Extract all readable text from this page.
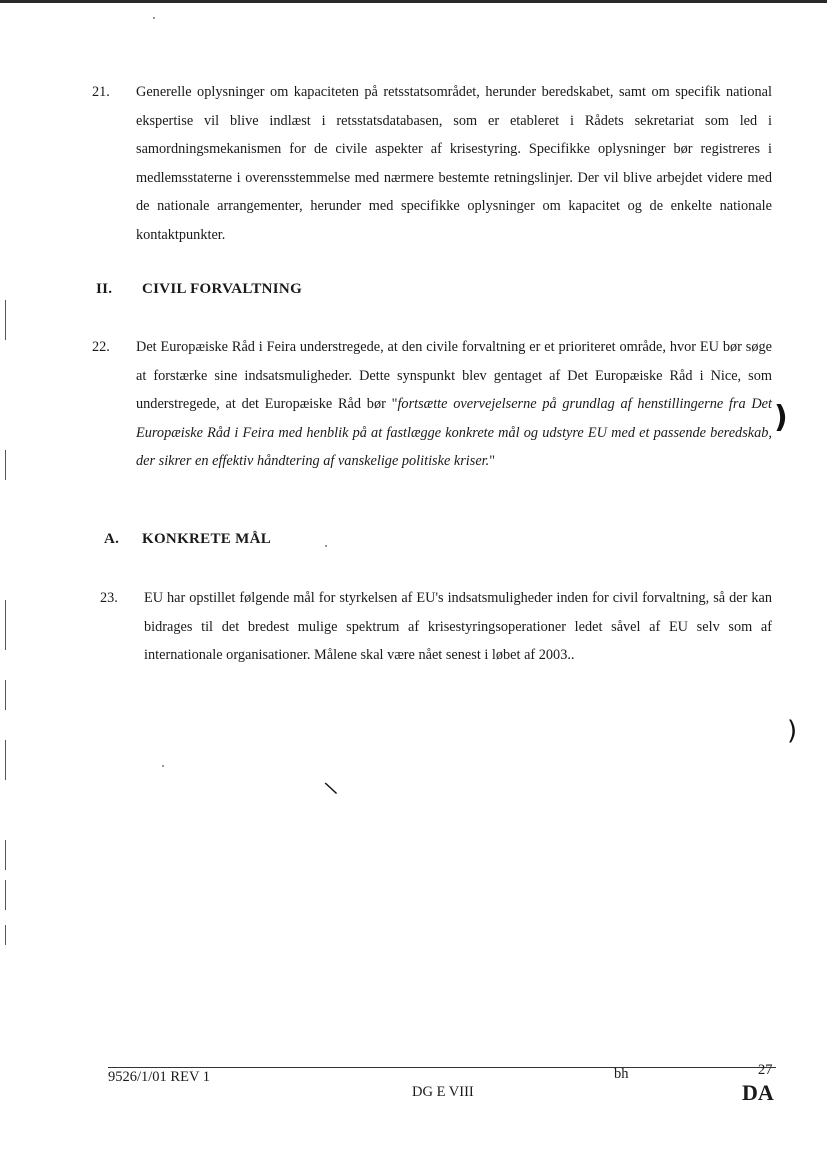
\
)
)
21.	Generelle oplysninger om kapaciteten på retsstatsområdet, herunder beredskabet, samt om specifik national ekspertise vil blive indlæst i retsstatsdatabasen, som er etableret i Rådets sekretariat som led i samordningsmekanismen for de civile aspekter af krisestyring. Specifikke oplysninger bør registreres i medlemsstaterne i overensstemmelse med nærmere bestemte retningslinjer. Der vil blive arbejdet videre med de nationale arrangementer, herunder med specifikke oplysninger om kapacitet og de enkelte nationale kontaktpunkter.
II. CIVIL FORVALTNING
22.	Det Europæiske Råd i Feira understregede, at den civile forvaltning er et prioriteret område, hvor EU bør søge at forstærke sine indsatsmuligheder. Dette synspunkt blev gentaget af Det Europæiske Råd i Nice, som understregede, at det Europæiske Råd bør "fortsætte overvejelserne på grundlag af henstillingerne fra Det Europæiske Råd i Feira med henblik på at fastlægge konkrete mål og udstyre EU med et passende beredskab, der sikrer en effektiv håndtering af vanskelige politiske kriser."
A. KONKRETE MÅL
23.	EU har opstillet følgende mål for styrkelsen af EU's indsatsmuligheder inden for civil forvaltning, så der kan bidrages til det bredest mulige spektrum af krisestyringsoperationer ledet såvel af EU selv som af internationale organisationer. Målene skal være nået senest i løbet af 2003..
9526/1/01 REV 1	bh	27
DG E VIII	DA
